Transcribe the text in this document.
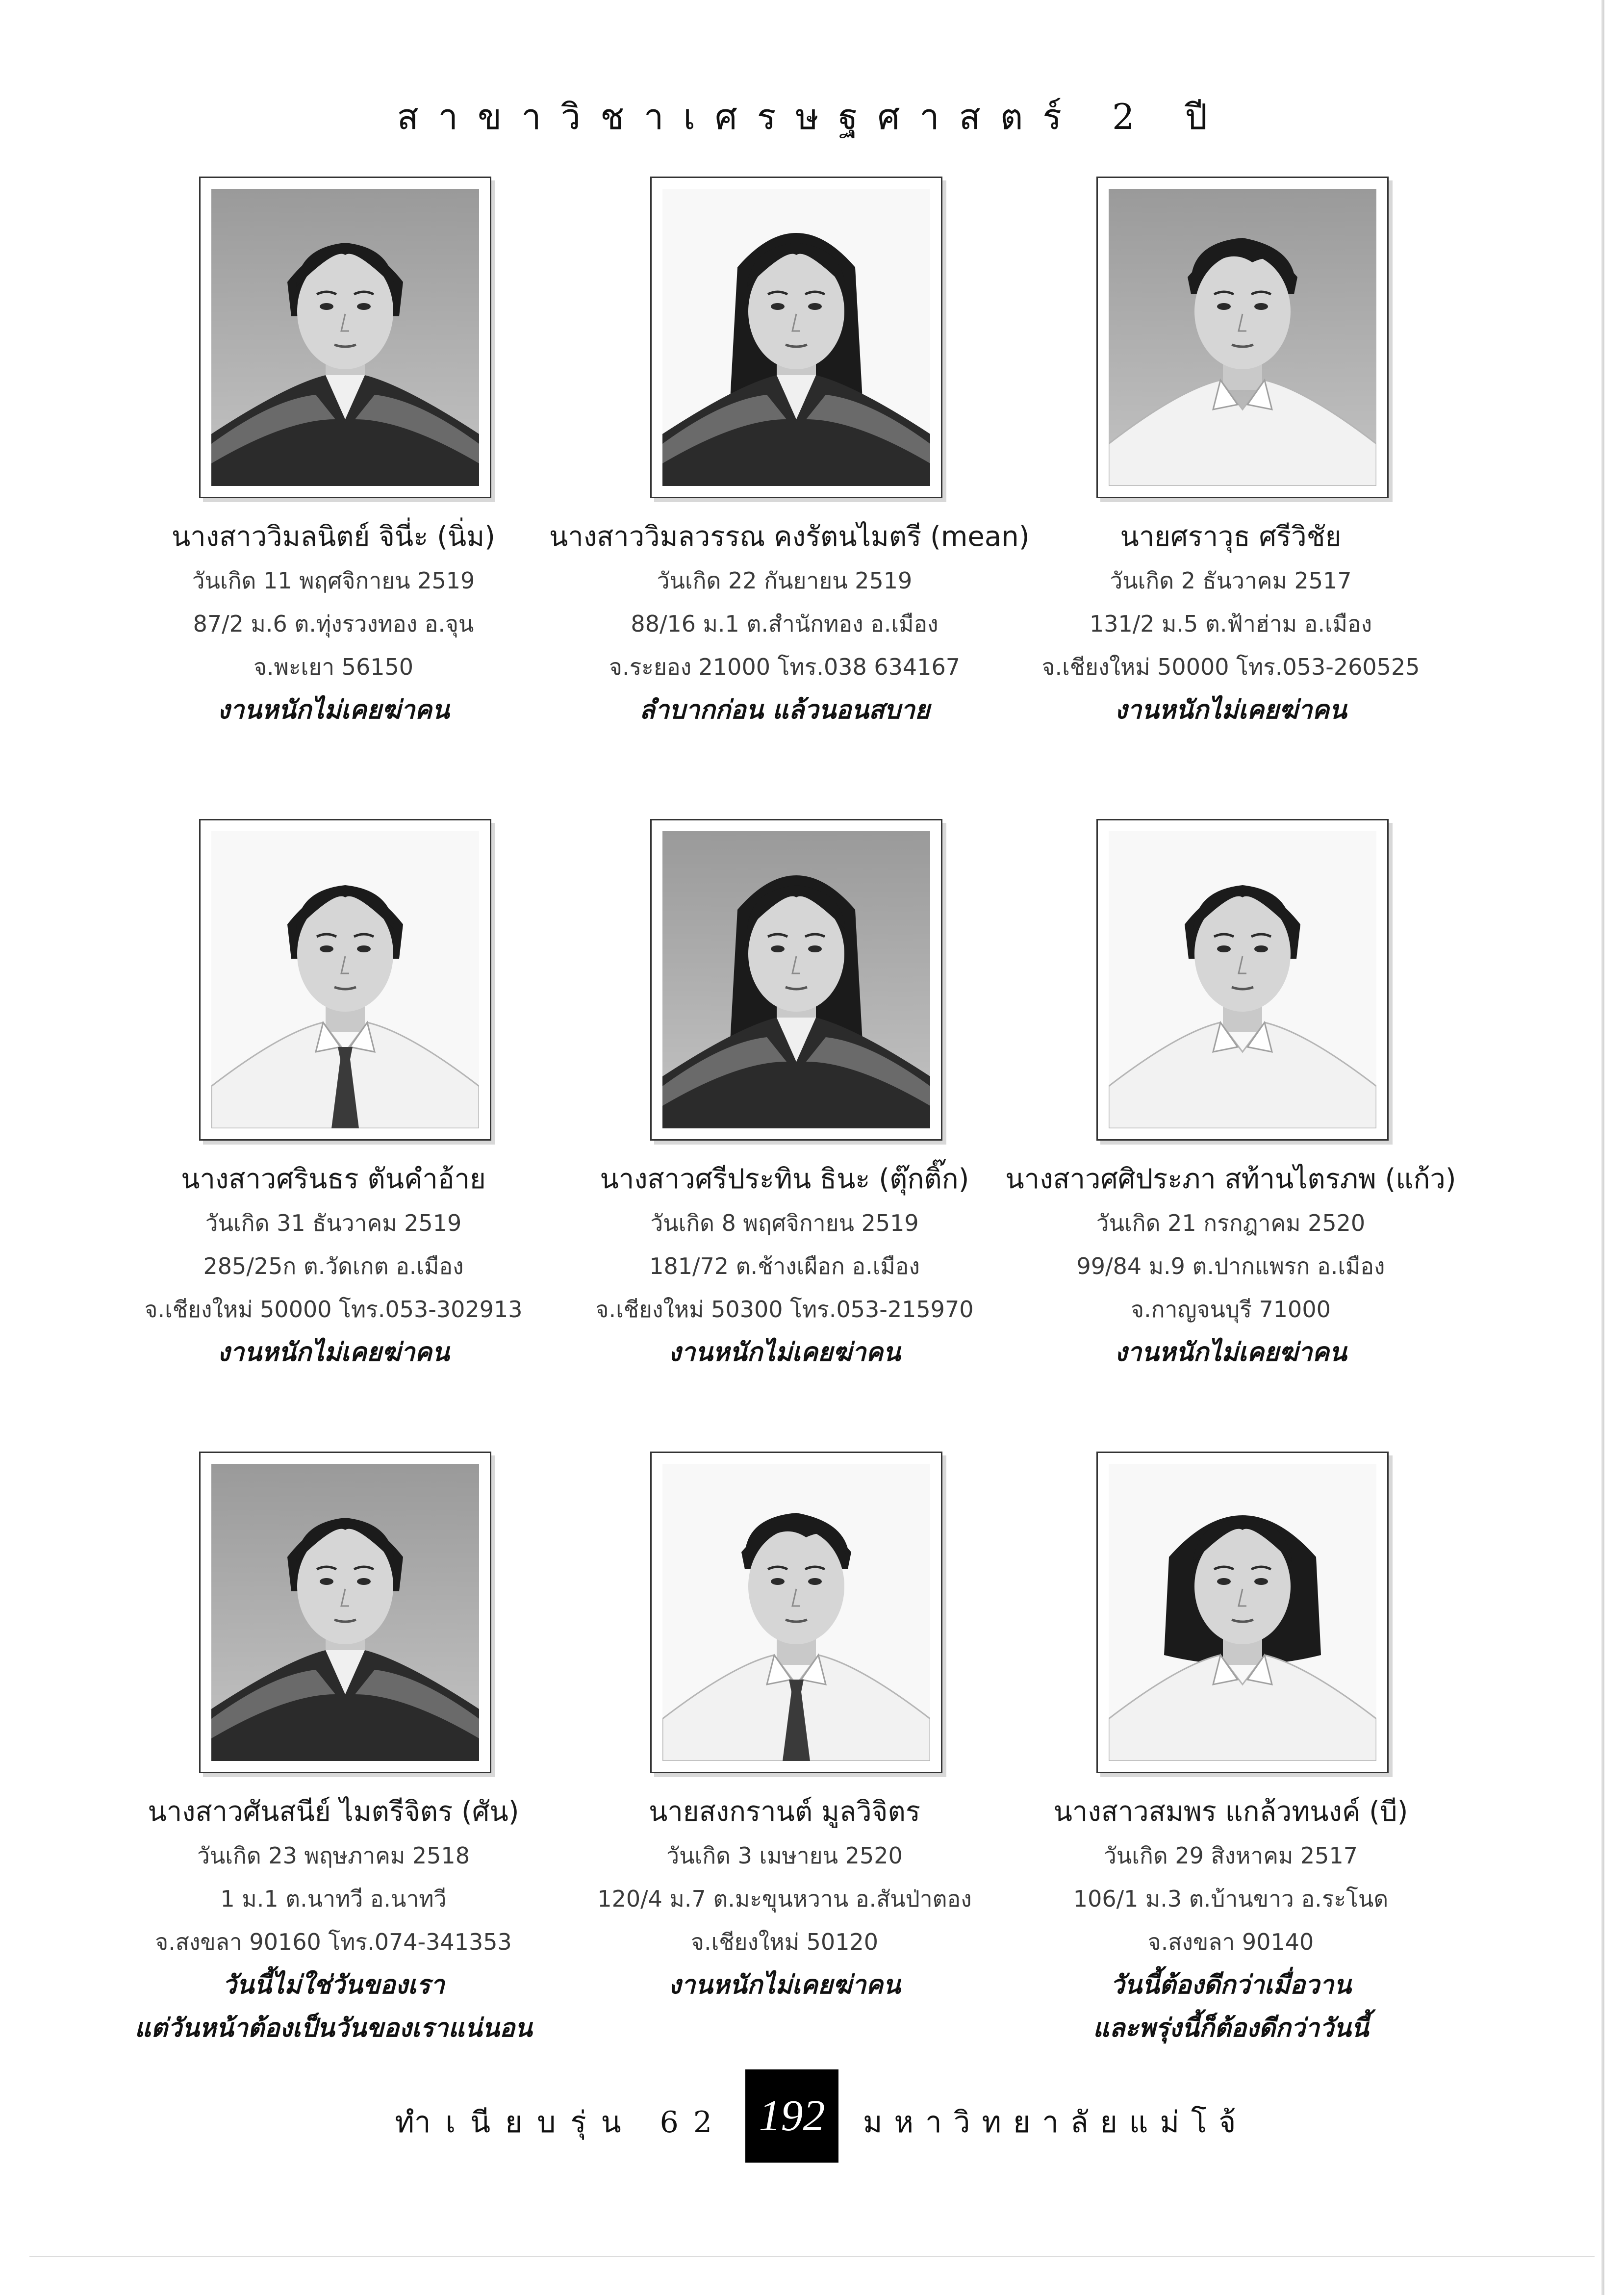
สาขาวิชาเศรษฐศาสตร์ 2 ปี
นางสาววิมลนิตย์ จินี่ะ (นิ่ม)
วันเกิด 11 พฤศจิกายน 2519
87/2 ม.6 ต.ทุ่งรวงทอง อ.จุน
จ.พะเยา 56150
งานหนักไม่เคยฆ่าคน
นางสาววิมลวรรณ คงรัตนไมตรี (mean)
วันเกิด 22 กันยายน 2519
88/16 ม.1 ต.สำนักทอง อ.เมือง
จ.ระยอง 21000 โทร.038 634167
ลำบากก่อน แล้วนอนสบาย
นายศราวุธ ศรีวิชัย
วันเกิด 2 ธันวาคม 2517
131/2 ม.5 ต.ฟ้าฮ่าม อ.เมือง
จ.เชียงใหม่ 50000 โทร.053-260525
งานหนักไม่เคยฆ่าคน
นางสาวศรินธร ตันคำอ้าย
วันเกิด 31 ธันวาคม 2519
285/25ก ต.วัดเกต อ.เมือง
จ.เชียงใหม่ 50000 โทร.053-302913
งานหนักไม่เคยฆ่าคน
นางสาวศรีประทิน ธินะ (ตุ๊กติ๊ก)
วันเกิด 8 พฤศจิกายน 2519
181/72 ต.ช้างเผือก อ.เมือง
จ.เชียงใหม่ 50300 โทร.053-215970
งานหนักไม่เคยฆ่าคน
นางสาวศศิประภา สท้านไตรภพ (แก้ว)
วันเกิด 21 กรกฎาคม 2520
99/84 ม.9 ต.ปากแพรก อ.เมือง
จ.กาญจนบุรี 71000
งานหนักไม่เคยฆ่าคน
นางสาวศันสนีย์ ไมตรีจิตร (ศัน)
วันเกิด 23 พฤษภาคม 2518
1 ม.1 ต.นาทวี อ.นาทวี
จ.สงขลา 90160 โทร.074-341353
วันนี้ไม่ใช่วันของเรา
แต่วันหน้าต้องเป็นวันของเราแน่นอน
นายสงกรานต์ มูลวิจิตร
วันเกิด 3 เมษายน 2520
120/4 ม.7 ต.มะขุนหวาน อ.สันป่าตอง
จ.เชียงใหม่ 50120
งานหนักไม่เคยฆ่าคน
นางสาวสมพร แกล้วทนงค์ (บี)
วันเกิด 29 สิงหาคม 2517
106/1 ม.3 ต.บ้านขาว อ.ระโนด
จ.สงขลา 90140
วันนี้ต้องดีกว่าเมื่อวาน
และพรุ่งนี้ก็ต้องดีกว่าวันนี้
ทำเนียบรุ่น 62 192	มหาวิทยาลัยแม่โจ้
